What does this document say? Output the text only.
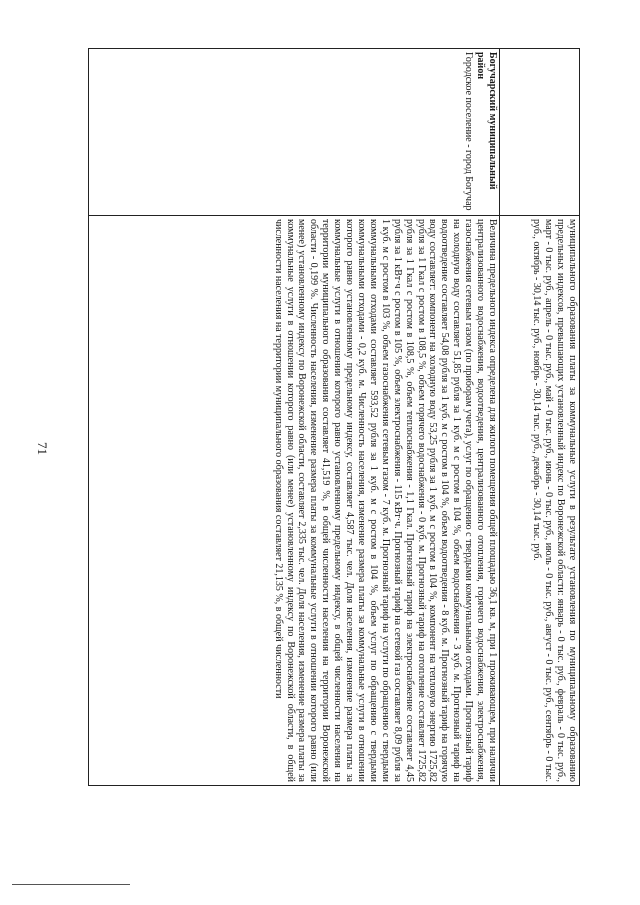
71
		муниципального образования платы за коммунальные услуги в результате установления по муниципальному образованию предельных индексов, превышающих установленный индекс по Воронежской области: январь - 0 тыс. руб., февраль - 0 тыс. руб., март - 0 тыс. руб., апрель - 0 тыс. руб., май - 0 тыс. руб., июнь - 0 тыс. руб., июль - 0 тыс. руб., август - 0 тыс. руб., сентябрь - 0 тыс. руб., октябрь - 30,14 тыс. руб., ноябрь - 30,14 тыс. руб., декабрь - 30,14 тыс. руб.

Богучарский муниципальный район
Городское поселение - город Богучар	Величина предельного индекса определена для жилого помещения общей площадью 36,1 кв. м, при 1 проживающем, при наличии централизованного водоснабжения, водоотведения, централизованного отопления, горячего водоснабжения, электроснабжения, газоснабжения сетевым газом (по приборам учета), услуг по обращению с твердыми коммунальными отходами. Прогнозный тариф на холодную воду составляет 51,85 рубля за 1 куб. м с ростом в 104 %, объем водоснабжения - 3 куб. м. Прогнозный тариф на водоотведение составляет 54,08 рубля за 1 куб. м с ростом в 104 %, объем водоотведения - 8 куб. м. Прогнозный тариф на горячую воду составляет: компонент на холодную воду 53,25 рубля за 1 куб. м с ростом в 104 %, компонент на тепловую энергию 1725,82 рубля за 1 Гкал с ростом в 108,5 %, объем горячего водоснабжения - 0 куб. м. Прогнозный тариф на отопление составляет 1725,82 рубля за 1 Гкал с ростом в 108,5 %, объем теплоснабжения - 1,1 Гкал. Прогнозный тариф на электроснабжение составляет 4,45 рубля за 1 кВт·ч с ростом в 105 %, объем электроснабжения - 115 кВт·ч. Прогнозный тариф на сетевой газ составляет 8,09 рубля за 1 куб. м с ростом в 103 %, объем газоснабжения сетевым газом - 7 куб. м. Прогнозный тариф на услуги по обращению с твердыми коммунальными отходами составляет 593,52 рубля за 1 куб. м с ростом в 104 %, объем услуг по обращению с твердыми коммунальными отходами - 0,2 куб. м. Численность населения, изменение размера платы за коммунальные услуги в отношении которого равно установленному предельному индексу, составляет 4,587 тыс. чел. Доля населения, изменение размера платы за коммунальные услуги в отношении которого равно установленному предельному индексу, в общей численности населения на территории муниципального образования составляет 41,519 %, в общей численности населения на территории Воронежской области - 0,199 %. Численность населения, изменение размера платы за коммунальные услуги в отношении которого равно (или менее) установленному индексу по Воронежской области, составляет 2,335 тыс. чел. Доля населения, изменение размера платы за коммунальные услуги в отношении которого равно (или менее) установленному индексу по Воронежской области, в общей численности населения на территории муниципального образования составляет 21,135 %, в общей численности
